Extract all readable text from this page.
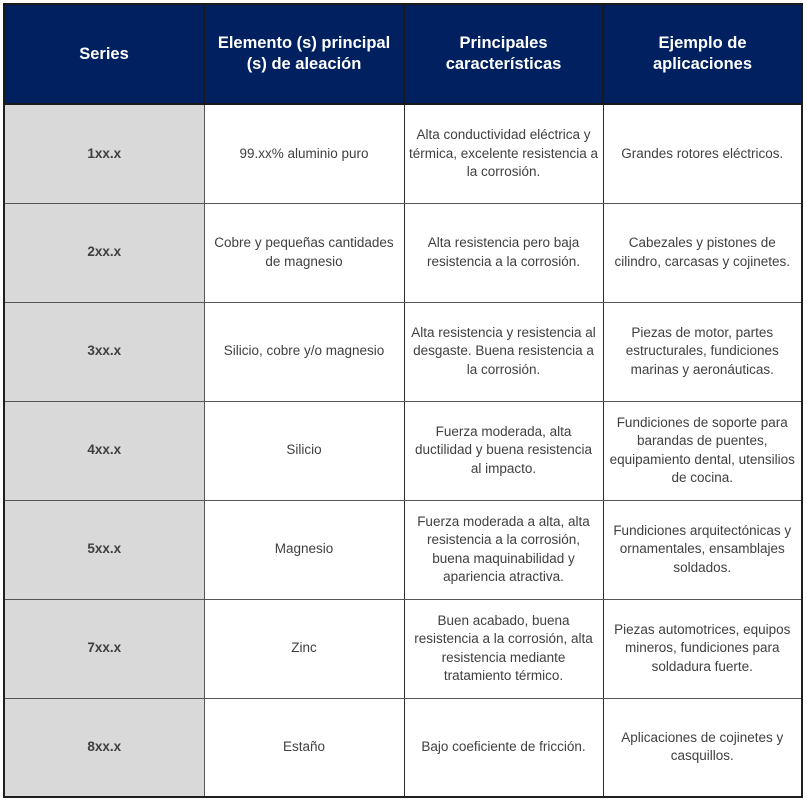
Series	Elemento (s) principal (s) de aleación	Principales características	Ejemplo de aplicaciones
1xx.x	99.xx% aluminio puro	Alta conductividad eléctrica y térmica, excelente resistencia a la corrosión.	Grandes rotores eléctricos.
2xx.x	Cobre y pequeñas cantidades de magnesio	Alta resistencia pero baja resistencia a la corrosión.	Cabezales y pistones de cilindro, carcasas y cojinetes.
3xx.x	Silicio, cobre y/o magnesio	Alta resistencia y resistencia al desgaste. Buena resistencia a la corrosión.	Piezas de motor, partes estructurales, fundiciones marinas y aeronáuticas.
4xx.x	Silicio	Fuerza moderada, alta ductilidad y buena resistencia al impacto.	Fundiciones de soporte para barandas de puentes, equipamiento dental, utensilios de cocina.
5xx.x	Magnesio	Fuerza moderada a alta, alta resistencia a la corrosión, buena maquinabilidad y apariencia atractiva.	Fundiciones arquitectónicas y ornamentales, ensamblajes soldados.
7xx.x	Zinc	Buen acabado, buena resistencia a la corrosión, alta resistencia mediante tratamiento térmico.	Piezas automotrices, equipos mineros, fundiciones para soldadura fuerte.
8xx.x	Estaño	Bajo coeficiente de fricción.	Aplicaciones de cojinetes y casquillos.
